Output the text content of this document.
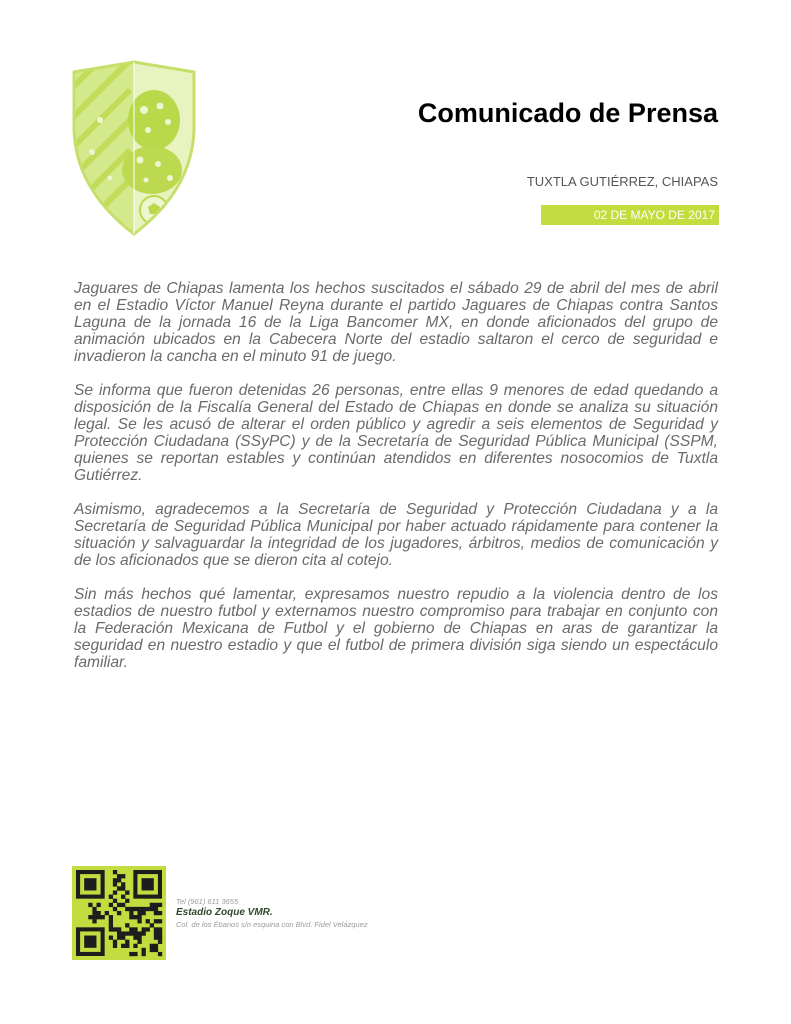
Comunicado de Prensa
TUXTLA GUTIÉRREZ, CHIAPAS
02 DE MAYO DE 2017

Jaguares de Chiapas lamenta los hechos suscitados el sábado 29 de abril del mes de abril en el Estadio Víctor Manuel Reyna durante el partido Jaguares de Chiapas contra Santos Laguna de la jornada 16 de la Liga Bancomer MX, en donde aficionados del grupo de animación ubicados en la Cabecera Norte del estadio saltaron el cerco de seguridad e invadieron la cancha en el minuto 91 de juego.

Se informa que fueron detenidas 26 personas, entre ellas 9 menores de edad quedando a disposición de la Fiscalía General del Estado de Chiapas en donde se analiza su situación legal. Se les acusó de alterar el orden público y agredir a seis elementos de Seguridad y Protección Ciudadana (SSyPC) y de la Secretaría de Seguridad Pública Municipal (SSPM, quienes se reportan estables y continúan atendidos en diferentes nosocomios de Tuxtla Gutiérrez.

Asimismo, agradecemos a la Secretaría de Seguridad y Protección Ciudadana y a la Secretaría de Seguridad Pública Municipal por haber actuado rápidamente para contener la situación y salvaguardar la integridad de los jugadores, árbitros, medios de comunicación y de los aficionados que se dieron cita al cotejo.

Sin más hechos qué lamentar, expresamos nuestro repudio a la violencia dentro de los estadios de nuestro futbol y externamos nuestro compromiso para trabajar en conjunto con la Federación Mexicana de Futbol y el gobierno de Chiapas en aras de garantizar la seguridad en nuestro estadio y que el futbol de primera división siga siendo un espectáculo familiar.

Tel (961) 611 3655
Estadio Zoque VMR.
Col. de los Ébanos s/n esquina con Blvd. Fidel Velázquez
